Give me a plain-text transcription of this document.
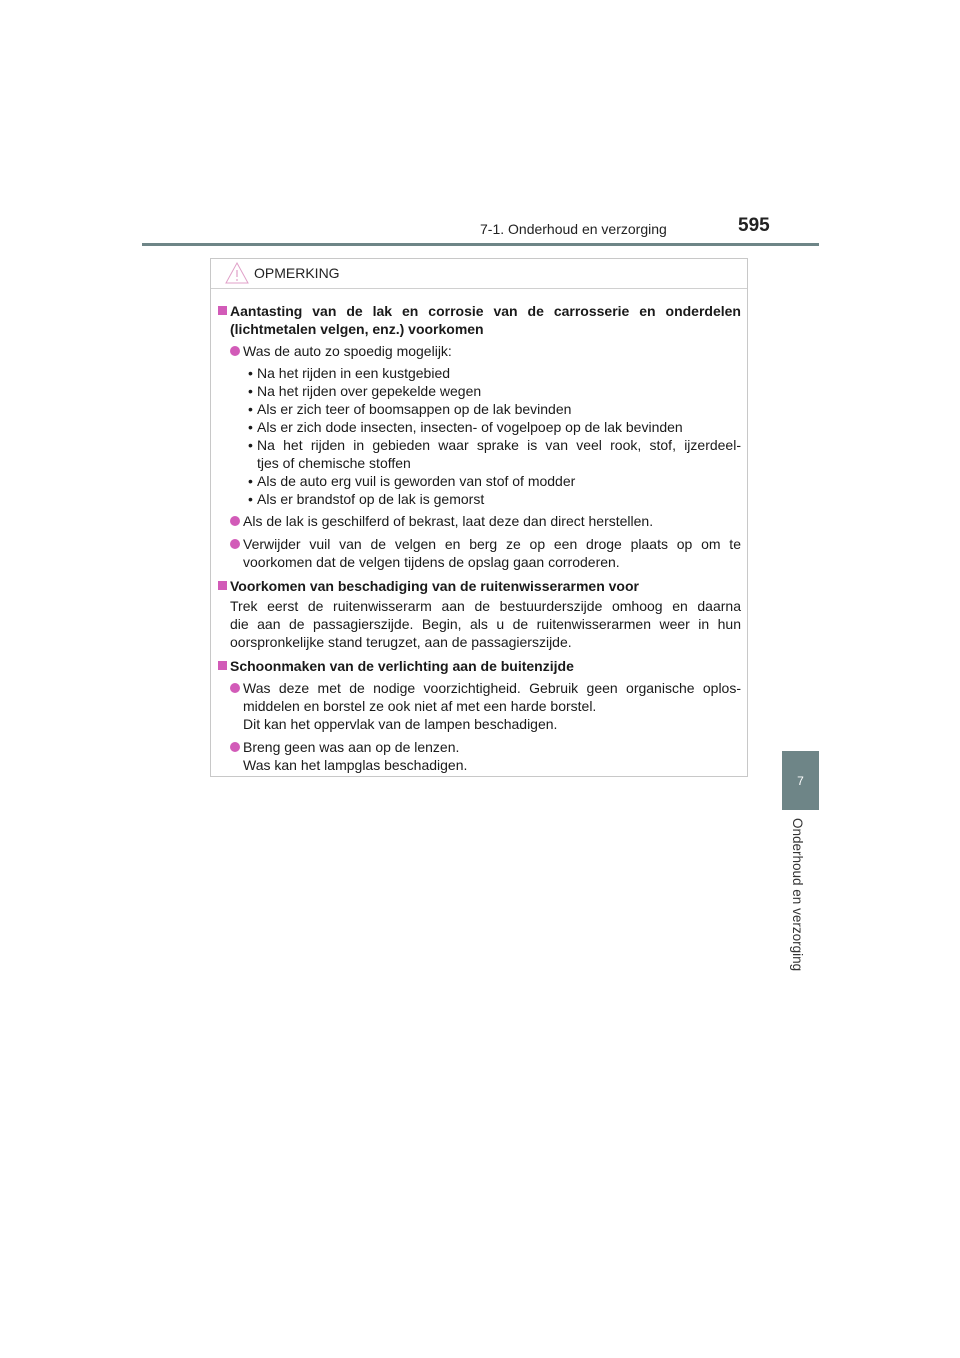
7-1. Onderhoud en verzorging	595
7
Onderhoud en verzorging
OPMERKING
Aantasting van de lak en corrosie van de carrosserie en onderdelen
(lichtmetalen velgen, enz.) voorkomen
Was de auto zo spoedig mogelijk:
• Na het rijden in een kustgebied
• Na het rijden over gepekelde wegen
• Als er zich teer of boomsappen op de lak bevinden
• Als er zich dode insecten, insecten- of vogelpoep op de lak bevinden
• Na het rijden in gebieden waar sprake is van veel rook, stof, ijzerdeel-
tjes of chemische stoffen
• Als de auto erg vuil is geworden van stof of modder
• Als er brandstof op de lak is gemorst
Als de lak is geschilferd of bekrast, laat deze dan direct herstellen.
Verwijder vuil van de velgen en berg ze op een droge plaats op om te
voorkomen dat de velgen tijdens de opslag gaan corroderen.
Voorkomen van beschadiging van de ruitenwisserarmen voor
Trek eerst de ruitenwisserarm aan de bestuurderszijde omhoog en daarna
die aan de passagierszijde. Begin, als u de ruitenwisserarmen weer in hun
oorspronkelijke stand terugzet, aan de passagierszijde.
Schoonmaken van de verlichting aan de buitenzijde
Was deze met de nodige voorzichtigheid. Gebruik geen organische oplos-
middelen en borstel ze ook niet af met een harde borstel.
Dit kan het oppervlak van de lampen beschadigen.
Breng geen was aan op de lenzen.
Was kan het lampglas beschadigen.
